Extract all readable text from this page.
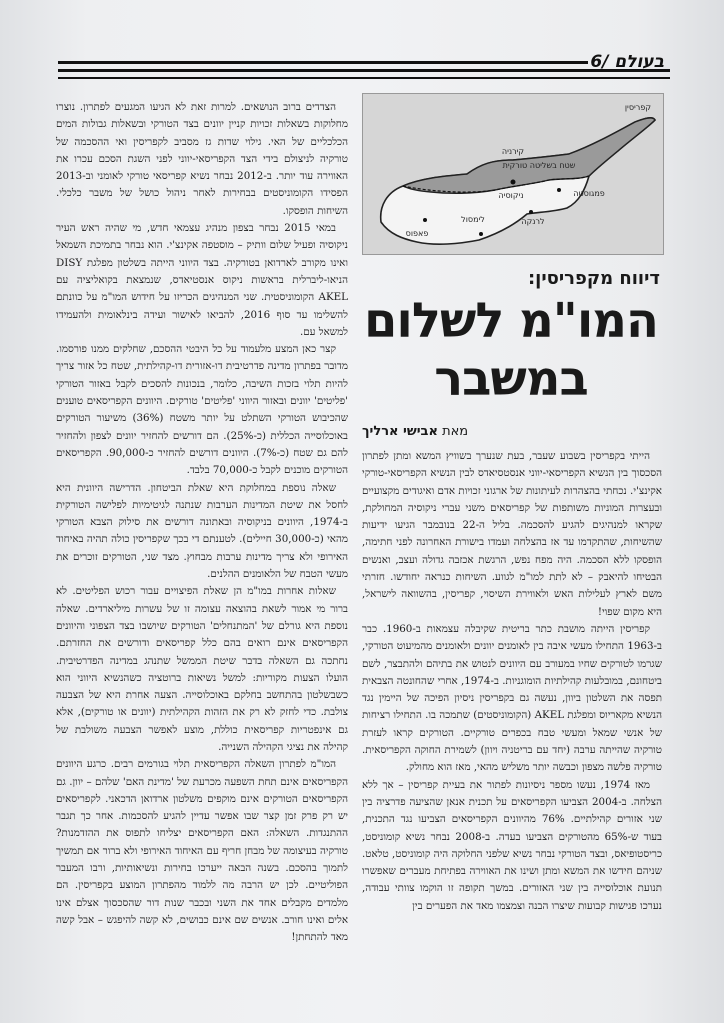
בעולם /6
קפריסין
שטח בשליטה טורקית
קירניה
ניקוסיה	פמגוסטה
לרנקה
לימסול
פאפוס
דיווח מקפריסין:
המו"מ לשלום
במשבר
מאת אבישי ארליך

הייתי בקפריסין בשבוע שעבר, בעת שנערך בשוויץ המשא ומתן לפתרון הסכסוך בין הנשיא הקפריסאי-יווני אנסטסיאדס לבין הנשיא הקפריסאי-טורקי אקינצ'י. נכחתי בהצהרות לעיתונות של ארגוני זכויות אדם ואיגודים מקצועיים ובעצרות המוניות משותפות של קפריסאים משני עברי ניקוסיה המחולקת, שקראו למנהיגים להגיע להסכמה. בליל ה-22 בנובמבר הגיעו ידיעות שהשיחות, שהתקדמו עד אז בהצלחה ועמדו בישורת האחרונה לפני חתימה, הופסקו ללא הסכמה. היה מפח נפש, הרגשת אכזבה גדולה ועצב, ואנשים הבטיחו להיאבק – לא לתת למו"מ לגווע. השיחות כנראה יחודשו. חזרתי משם לארץ לעלילות האש ולאווירת השיסוי, קפריסין, בהשוואה לישראל, היא מקום שפוי!

קפריסין הייתה מושבת כתר בריטית שקיבלה עצמאות ב-1960. כבר ב-1963 התחילו מעשי איבה בין לאומנים יוונים ולאומנים מהמיעוט הטורקי, שגרמו לטורקים שחיו במעורב עם היוונים לנטוש את בתיהם ולהתבצר, לשם ביטחונם, במובלעות קהילתיות הומוגניות. ב-1974, אחרי שהחונטה הצבאית תפסה את השלטון ביוון, נעשה גם בקפריסין ניסיון הפיכה של היימין נגד הנשיא מקאריוס ומפלגת AKEL (הקומוניסטים) שתמכה בו. התחילו רציחות של אנשי שמאל ומעשי טבח בכפרים טורקיים. הטורקים קראו לעזרת טורקיה שהייתה ערבה (יחד עם בריטניה ויוון) לשמירת החוקה הקפריסאית. טורקיה פלשה מצפון וכבשה יותר משליש מהאי, מאז הוא מחולק.

מאז 1974, נעשו מספר ניסיונות לפתור את בעיית קפריסין – אך ללא הצלחה. ב-2004 הצביעו הקפריסאים על תכנית אנאן שהציעה פדרציה בין שני אזורים קהילתיים. 76% מהיוונים הקפריסאים הצביעו נגד התכנית, בעוד ש-65% מהטורקים הצביעו בעדה. ב-2008 נבחר נשיא קומוניסט, כריסטופיאס, ובצד הטורקי נבחר נשיא שלפני החלוקה היה קומוניסט, טלאט. שניהם חידשו את המשא ומתן ושינו את האווירה בפתיחת מעברים שאפשרו תנועת אוכלוסייה בין שני האזורים. במשך תקופה זו הוקמו צוותי עבודה, נערכו פגישות קבועות שיצרו הבנה וצמצמו מאד את הפערים בין

הצדדים ברוב הנושאים. למרות זאת לא הגיעו המגעים לפתרון. נוצרו מחלוקות בשאלות זכויות קניין יוונים בצד הטורקי ובשאלות גבולות המים הכלכליים של האי. גילוי שדות גז מסביב לקפריסין ואי ההסכמה של טורקיה לניצולם בידי הצד הקפריסאי-יווני לפני השגת הסכם עכרו את האווירה עוד יותר. ב-2012 נבחר נשיא קפריסאי טורקי לאומני וב-2013 הפסידו הקומוניסטים בבחירות לאחר ניהול כושל של משבר כלכלי. השיחות הופסקו.

במאי 2015 נבחר בצפון מנהיג עצמאי חדש, מי שהיה ראש העיר ניקוסיה ופעיל שלום וותיק – מוסטפה אקינצ'י. הוא נבחר בתמיכת השמאל ואינו מקורב לארדואן בטורקיה. בצד היווני הייתה בשלטון מפלגת DISY הניאו-ליברלית בראשות ניקוס אנסטיאדס, שנמצאת בקואליציה עם AKEL הקומוניסטית. שני המנהיגים הכריזו על חידוש המו"מ על כוונתם להשלימו עד סוף 2016, להביאו לאישור ועידה בינלאומית ולהעמידו למשאל עם.

קצר כאן המצע מלעמוד על כל היבטי ההסכם, שחלקים ממנו פורסמו. מדובר בפתרון מדינה פדרטיבית דו-אזורית דו-קהילתית, שטח כל אזור צריך להיות תלוי בזכות השיבה, כלומר, בנכונות להסכים לקבל באזור הטורקי 'פליטים' יוונים ובאזור היווני 'פליטים' טורקים. היוונים הקפריסאים טוענים שהכיבוש הטורקי השתלט על יותר משטח (36%) משיעור הטורקים באוכלוסייה הכללית (כ-25%). הם דורשים להחזיר יוונים לצפון ולהחזיר להם גם שטח (כ-7%). היוונים דורשים להחזיר כ-90,000. הקפריסאים הטורקים מוכנים לקבל כ-70,000 בלבד.

שאלה נוספת במחלוקת היא שאלת הביטחון. הדרישה היוונית היא לחסל את שיטת המדינות הערבות שנתנה לגיטימיות לפלישה הטורקית ב-1974, היוונים בניקוסיה ובאתונה דורשים את סילוק הצבא הטורקי מהאי (כ-30,000 חיילים). לטענתם די בכך שקפריסין כולה תהיה באיחוד האירופי ולא צריך מדינות ערבות מבחוץ. מצד שני, הטורקים זוכרים את מעשי הטבח של הלאומנים ההלנים.

שאלות אחרות במו"מ הן שאלת הפיצויים עבור רכוש הפליטים. לא ברור מי אמור לשאת בהוצאה עצומה זו של עשרות מיליארדים. שאלה נוספת היא גורלם של 'המתנחלים' הטורקים שיושבו בצד הצפוני והיוונים הקפריסאים אינם רואים בהם כלל קפריסאים ודורשים את החזרתם. נחתכה גם השאלה בדבר שיטת הממשל שתנהג במדינה הפדרטיבית. הועלו הצעות מקוריות: למשל נשיאות ברוטציה כשהנשיא היווני הוא כשבשלטון בהתחשב בחלקם באוכלוסייה. הצעה אחרת היא של הצבעה צולבת. כדי לחזק לא רק את הזהות הקהילתית (יוונים או טורקים), אלא גם אינפטריות קפריסאית כוללת, מוצע לאפשר הצבעה משולבת של קהילה את נציגי הקהילה השנייה.

המו"מ לפתרון השאלה הקפריסאית תלוי בגורמים רבים. כרגע היוונים הקפריסאים אינם תחת השפעה מכרעת של 'מדינת האם' שלהם – יוון. גם הקפריסאים הטורקים אינם מוקפים משלטון ארדואן הדכאני. לקפריסאים יש רק פרק זמן קצר שבו אפשר עדיין להגיע להסכמות. אחר כך תגבר ההתנגדות. השאלה: האם הקפריסאים יצליחו לתפוס את ההזדמנות? טורקיה בעיצומה של מבחן חריף עם האיחוד האירופי ולא ברור אם תמשיך לתמוך בהסכם. בשנה הבאה ייערכו בחירות ונשיאותיות, ורבו המעבר הפוליטיים. לכן יש הרבה מה ללמוד מהפתרון המוצע בקפריסין. הם מלמדים מקבלים אחד את השני ובכבר שנות דור שהסכסוך אצלם אינו אלים ואינו חורב. אנשים שם אינם כבושים, לא קשה להיפגש – אבל קשה מאד להתחתן!
